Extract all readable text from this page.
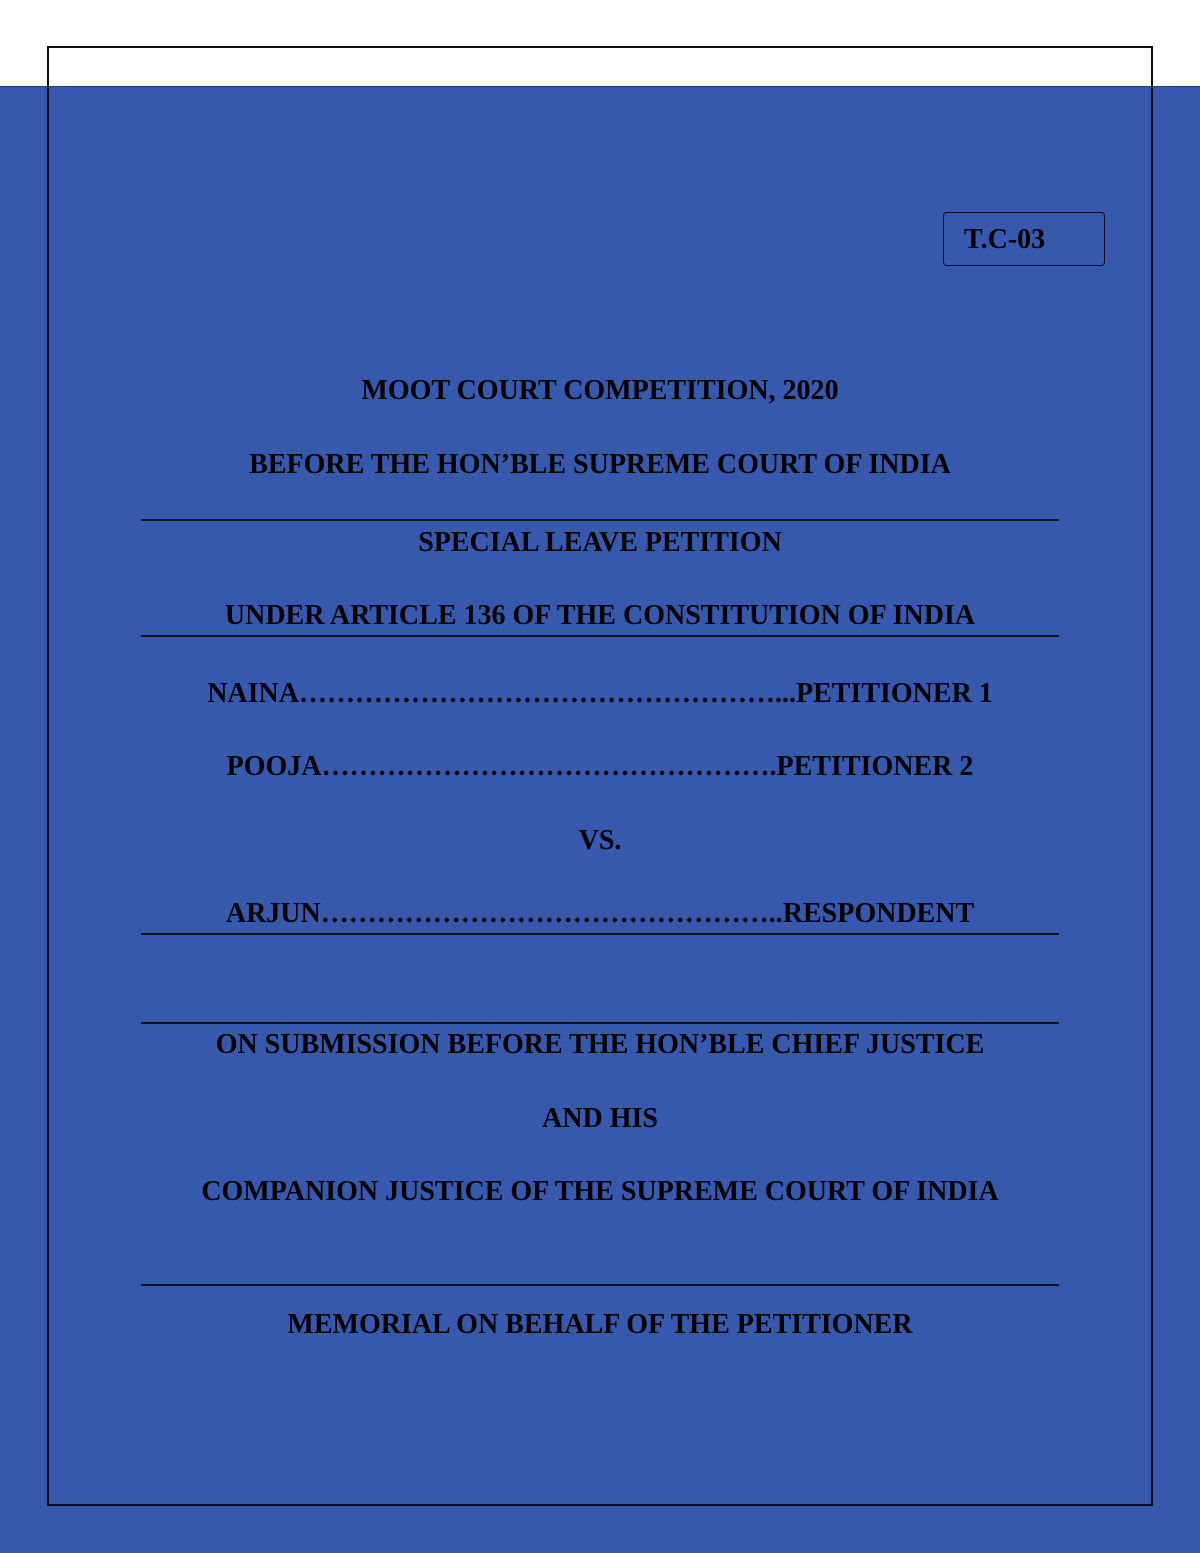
T.C-03
MOOT COURT COMPETITION, 2020
BEFORE THE HON’BLE SUPREME COURT OF INDIA
SPECIAL LEAVE PETITION
UNDER ARTICLE 136 OF THE CONSTITUTION OF INDIA
NAINA……………………………………………...PETITIONER 1
POOJA………………………………………….PETITIONER 2
VS.
ARJUN…………………………………………..RESPONDENT
ON SUBMISSION BEFORE THE HON’BLE CHIEF JUSTICE
AND HIS
COMPANION JUSTICE OF THE SUPREME COURT OF INDIA
MEMORIAL ON BEHALF OF THE PETITIONER
